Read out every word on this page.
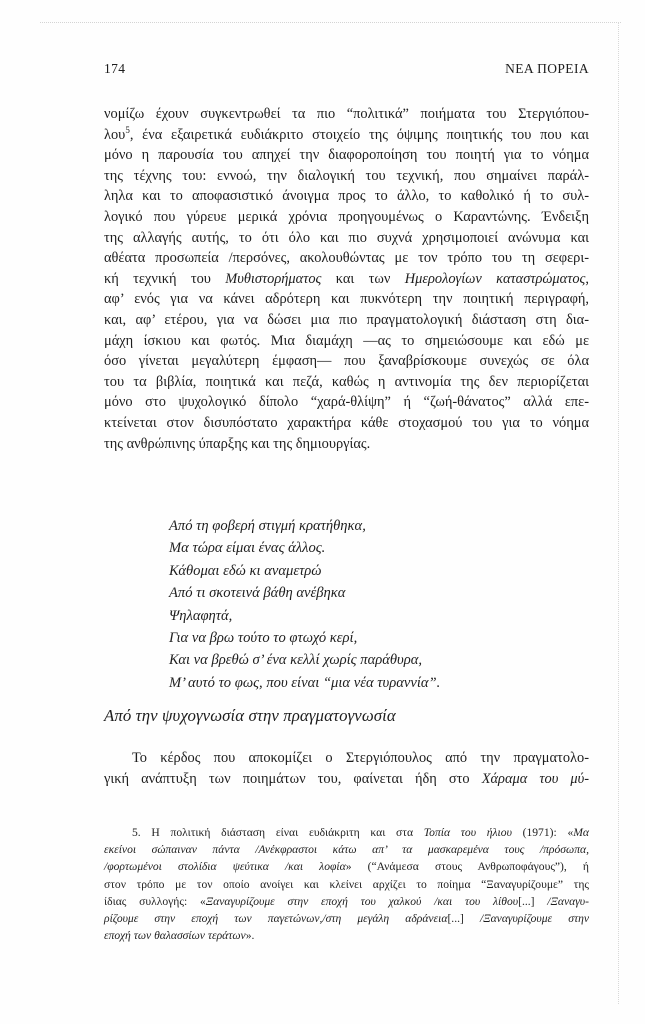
174	ΝΕΑ ΠΟΡΕΙΑ
νομίζω έχουν συγκεντρωθεί τα πιο “πολιτικά” ποιήματα του Στεργιόπου-
λου$^5$, ένα εξαιρετικά ευδιάκριτο στοιχείο της όψιμης ποιητικής του που και
μόνο η παρουσία του απηχεί την διαφοροποίηση του ποιητή για το νόημα
της τέχνης του: εννοώ, την διαλογική του τεχνική, που σημαίνει παράλ-
ληλα και το αποφασιστικό άνοιγμα προς το άλλο, το καθολικό ή το συλ-
λογικό που γύρευε μερικά χρόνια προηγουμένως ο Καραντώνης. Ένδειξη
της αλλαγής αυτής, το ότι όλο και πιο συχνά χρησιμοποιεί ανώνυμα και
αθέατα προσωπεία /περσόνες, ακολουθώντας με τον τρόπο του τη σεφερι-
κή τεχνική του Μυθιστορήματος και των Ημερολογίων καταστρώματος,
αφ’ ενός για να κάνει αδρότερη και πυκνότερη την ποιητική περιγραφή,
και, αφ’ ετέρου, για να δώσει μια πιο πραγματολογική διάσταση στη δια-
μάχη ίσκιου και φωτός. Μια διαμάχη —ας το σημειώσουμε και εδώ με
όσο γίνεται μεγαλύτερη έμφαση— που ξαναβρίσκουμε συνεχώς σε όλα
του τα βιβλία, ποιητικά και πεζά, καθώς η αντινομία της δεν περιορίζεται
μόνο στο ψυχολογικό δίπολο “χαρά-θλίψη” ή “ζωή-θάνατος” αλλά επε-
κτείνεται στον δισυπόστατο χαρακτήρα κάθε στοχασμού του για το νόημα
της ανθρώπινης ύπαρξης και της δημιουργίας.
Από τη φοβερή στιγμή κρατήθηκα,
Μα τώρα είμαι ένας άλλος.
Κάθομαι εδώ κι αναμετρώ
Από τι σκοτεινά βάθη ανέβηκα
Ψηλαφητά,
Για να βρω τούτο το φτωχό κερί,
Και να βρεθώ σ’ ένα κελλί χωρίς παράθυρα,
Μ’ αυτό το φως, που είναι “μια νέα τυραννία”.
Από την ψυχογνωσία στην πραγματογνωσία
Το κέρδος που αποκομίζει ο Στεργιόπουλος από την πραγματολο-
γική ανάπτυξη των ποιημάτων του, φαίνεται ήδη στο Χάραμα του μύ-
5. Η πολιτική διάσταση είναι ευδιάκριτη και στα Τοπία του ήλιου (1971): «Μα
εκείνοι σώπαιναν πάντα /Ανέκφραστοι κάτω απ’ τα μασκαρεμένα τους /πρόσωπα,
/φορτωμένοι στολίδια ψεύτικα /και λοφία» (“Ανάμεσα στους Ανθρωποφάγους”), ή
στον τρόπο με τον οποίο ανοίγει και κλείνει αρχίζει το ποίημα “Ξαναγυρίζουμε” της
ίδιας συλλογής: «Ξαναγυρίζουμε στην εποχή του χαλκού /και του λίθου[...] /Ξαναγυ-
ρίζουμε στην εποχή των παγετώνων,/στη μεγάλη αδράνεια[...] /Ξαναγυρίζουμε στην
εποχή των θαλασσίων τεράτων».
